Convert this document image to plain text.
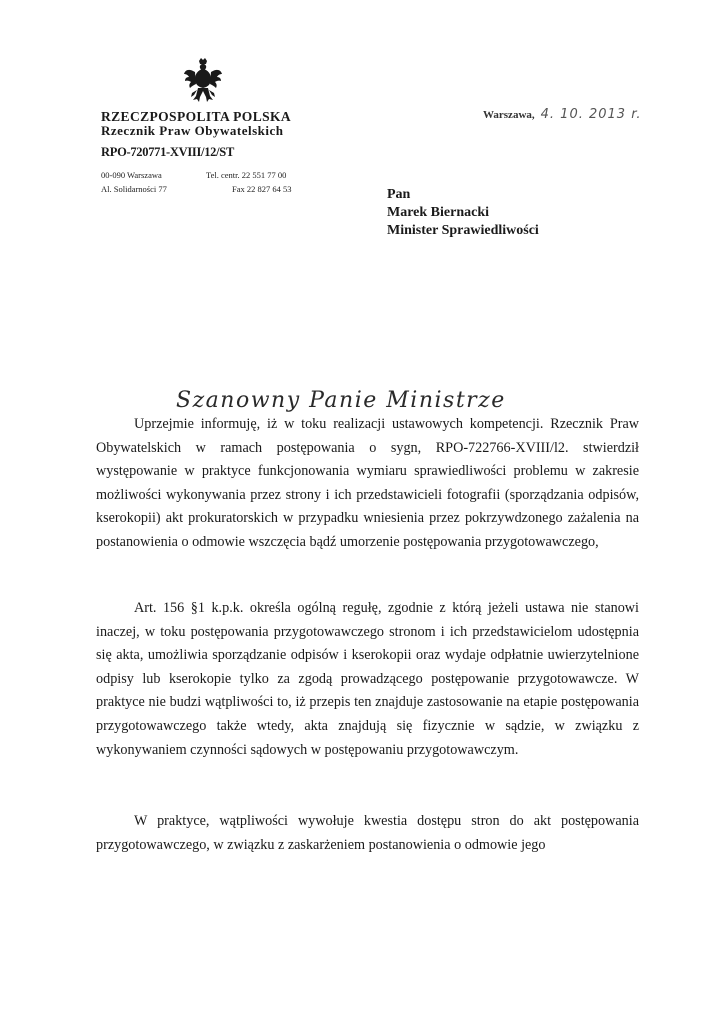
RZECZPOSPOLITA POLSKA
Rzecznik Praw Obywatelskich
RPO-720771-XVIII/12/ST
00-090 Warszawa
Al. Solidarności 77
Tel. centr. 22 551 77 00
Fax 22 827 64 53
Warszawa, 4. 10. 2013 r.
Pan
Marek Biernacki
Minister Sprawiedliwości
Szanowny Panie Ministrze

Uprzejmie informuję, iż w toku realizacji ustawowych kompetencji. Rzecznik Praw Obywatelskich w ramach postępowania o sygn, RPO-722766-XVIII/l2. stwierdził występowanie w praktyce funkcjonowania wymiaru sprawiedliwości problemu w zakresie możliwości wykonywania przez strony i ich przedstawicieli fotografii (sporządzania odpisów, kserokopii) akt prokuratorskich w przypadku wniesienia przez pokrzywdzonego zażalenia na postanowienia o odmowie wszczęcia bądź umorzenie postępowania przygotowawczego,

Art. 156 §1 k.p.k. określa ogólną regułę, zgodnie z którą jeżeli ustawa nie stanowi inaczej, w toku postępowania przygotowawczego stronom i ich przedstawicielom udostępnia się akta, umożliwia sporządzanie odpisów i kserokopii oraz wydaje odpłatnie uwierzytelnione odpisy lub kserokopie tylko za zgodą prowadzącego postępowanie przygotowawcze. W praktyce nie budzi wątpliwości to, iż przepis ten znajduje zastosowanie na etapie postępowania przygotowawczego także wtedy, akta znajdują się fizycznie w sądzie, w związku z wykonywaniem czynności sądowych w postępowaniu przygotowawczym.

W praktyce, wątpliwości wywołuje kwestia dostępu stron do akt postępowania przygotowawczego, w związku z zaskarżeniem postanowienia o odmowie jego
